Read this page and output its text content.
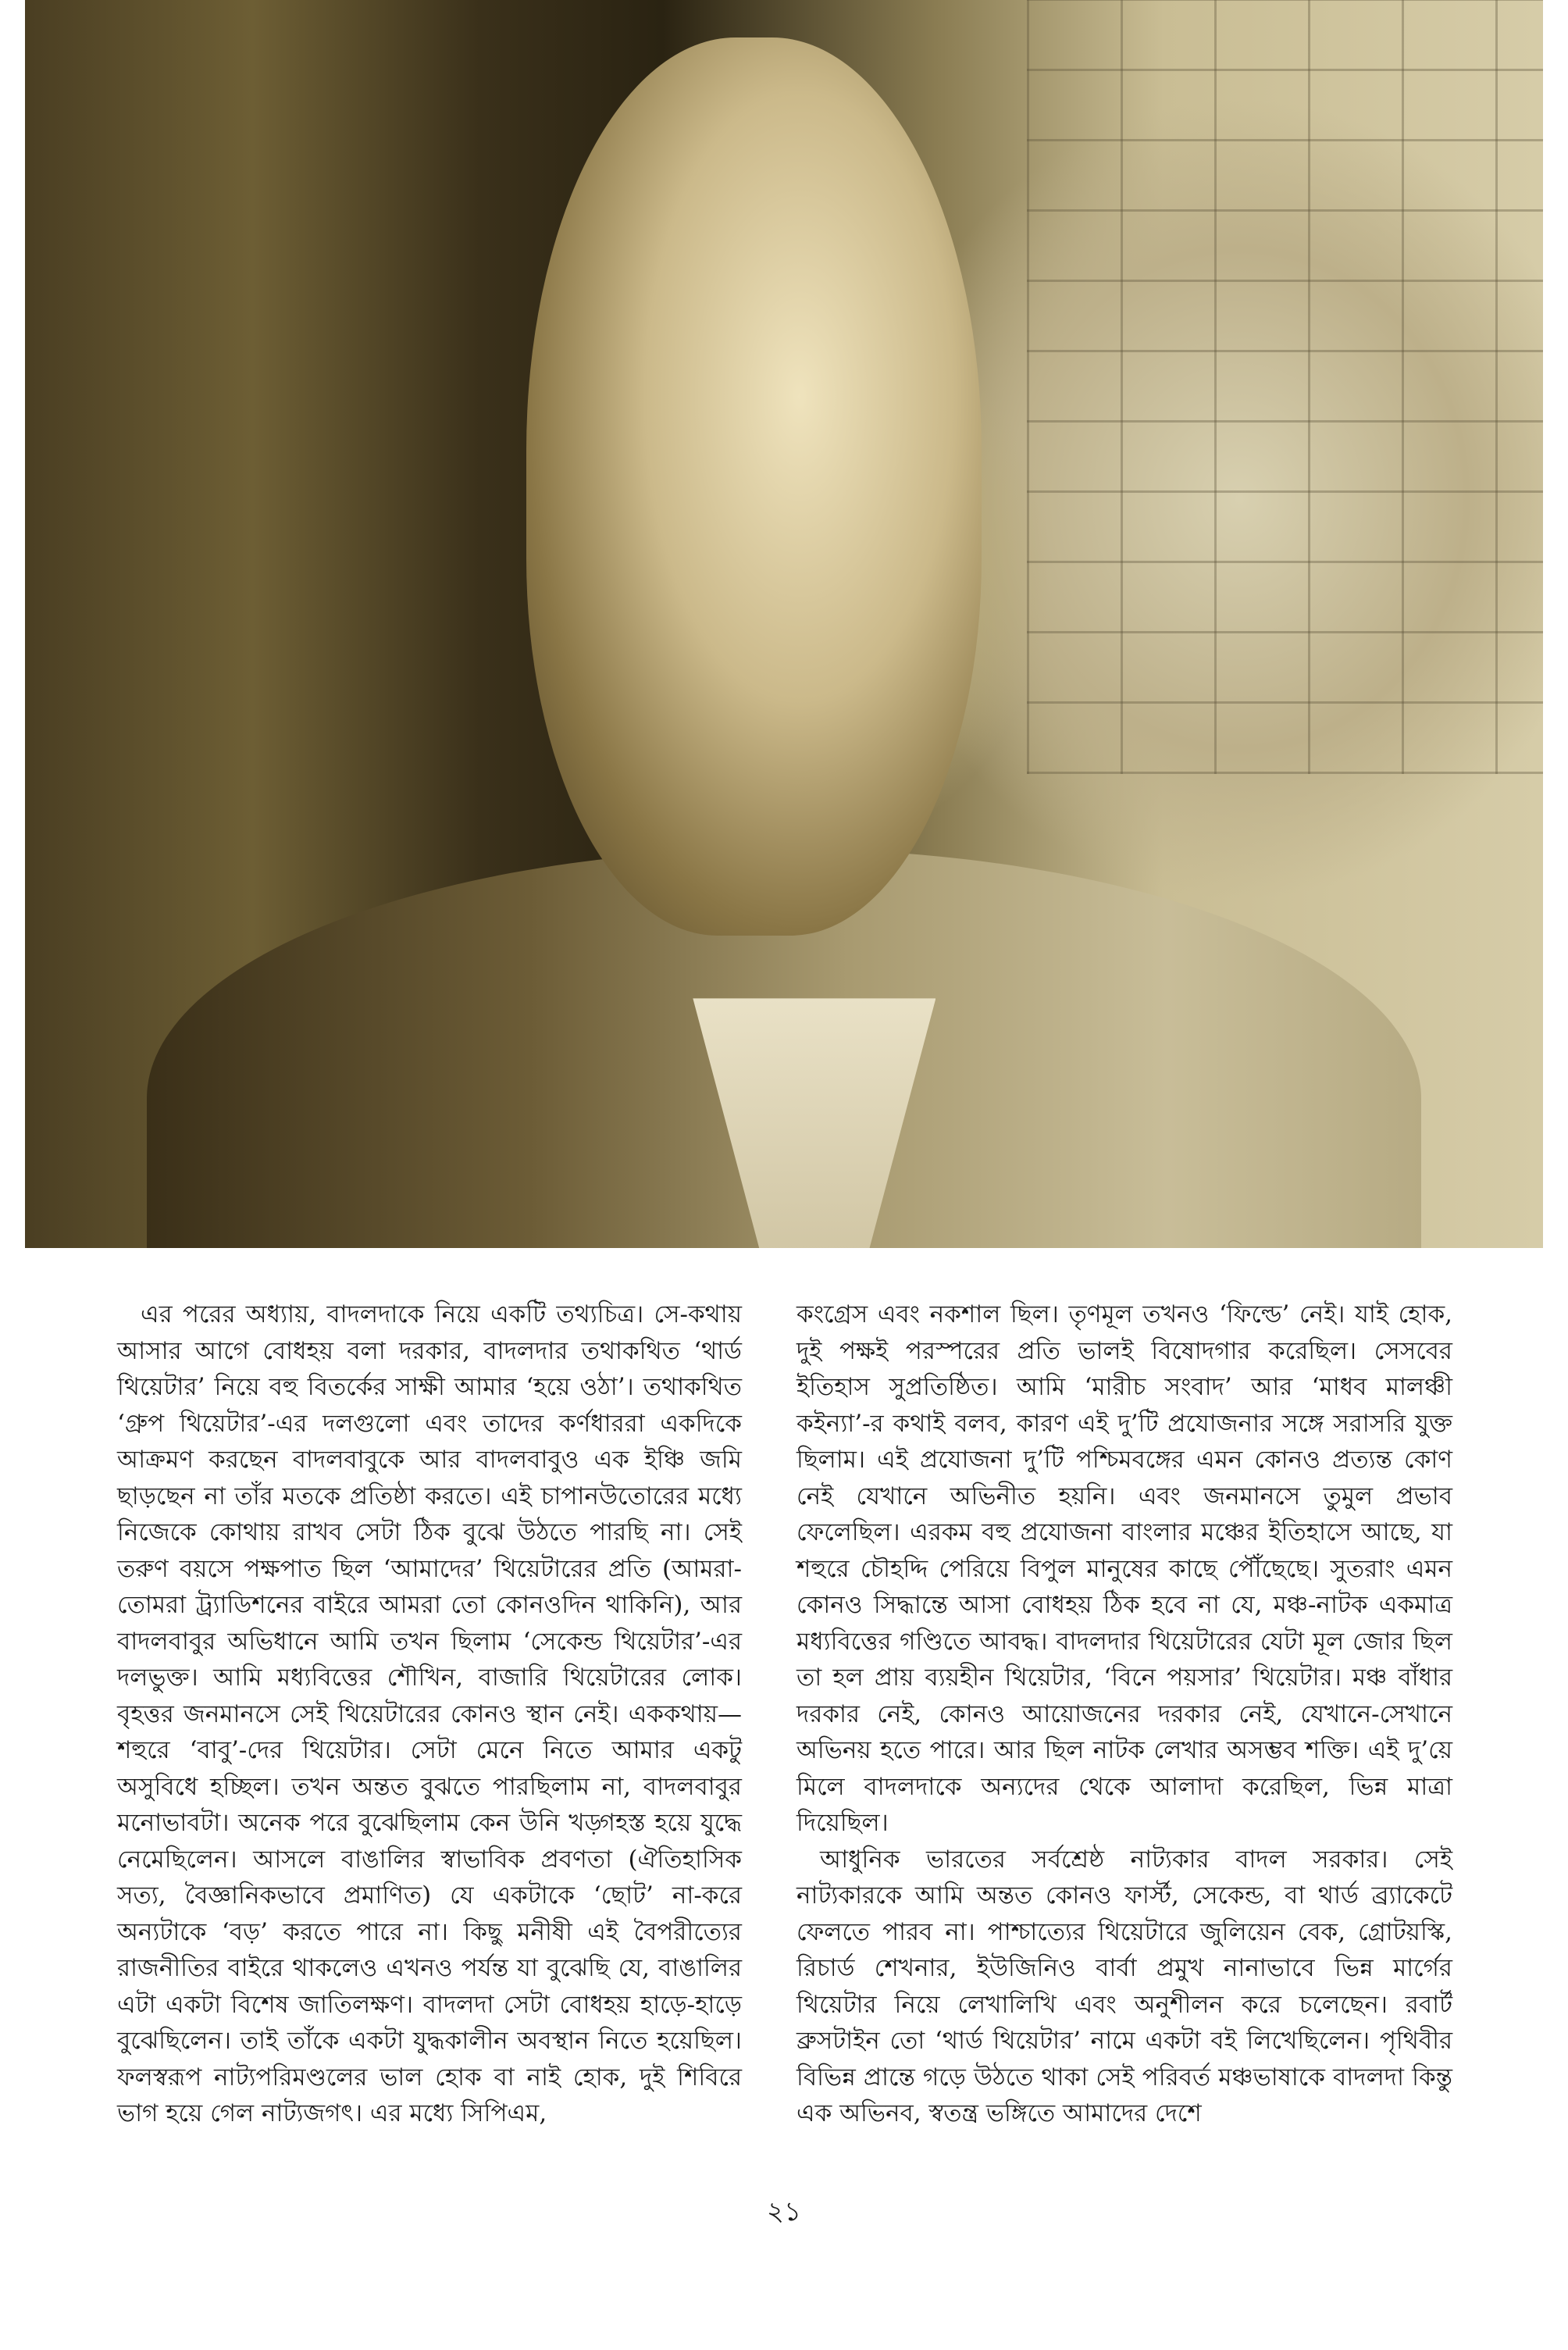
এর পরের অধ্যায়, বাদলদাকে নিয়ে একটি তথ্যচিত্র। সে-কথায় আসার আগে বোধহয় বলা দরকার, বাদলদার তথাকথিত ‘থার্ড থিয়েটার’ নিয়ে বহু বিতর্কের সাক্ষী আমার ‘হয়ে ওঠা’। তথাকথিত ‘গ্রুপ থিয়েটার’-এর দলগুলো এবং তাদের কর্ণধাররা একদিকে আক্রমণ করছেন বাদলবাবুকে আর বাদলবাবুও এক ইঞ্চি জমি ছাড়ছেন না তাঁর মতকে প্রতিষ্ঠা করতে। এই চাপানউতোরের মধ্যে নিজেকে কোথায় রাখব সেটা ঠিক বুঝে উঠতে পারছি না। সেই তরুণ বয়সে পক্ষপাত ছিল ‘আমাদের’ থিয়েটারের প্রতি (আমরা-তোমরা ট্র্যাডিশনের বাইরে আমরা তো কোনওদিন থাকিনি), আর বাদলবাবুর অভিধানে আমি তখন ছিলাম ‘সেকেন্ড থিয়েটার’-এর দলভুক্ত। আমি মধ্যবিত্তের শৌখিন, বাজারি থিয়েটারের লোক। বৃহত্তর জনমানসে সেই থিয়েটারের কোনও স্থান নেই। এককথায়—শহুরে ‘বাবু’-দের থিয়েটার। সেটা মেনে নিতে আমার একটু অসুবিধে হচ্ছিল। তখন অন্তত বুঝতে পারছিলাম না, বাদলবাবুর মনোভাবটা। অনেক পরে বুঝেছিলাম কেন উনি খড়্গহস্ত হয়ে যুদ্ধে নেমেছিলেন। আসলে বাঙালির স্বাভাবিক প্রবণতা (ঐতিহাসিক সত্য, বৈজ্ঞানিকভাবে প্রমাণিত) যে একটাকে ‘ছোট’ না-করে অন্যটাকে ‘বড়’ করতে পারে না। কিছু মনীষী এই বৈপরীত্যের রাজনীতির বাইরে থাকলেও এখনও পর্যন্ত যা বুঝেছি যে, বাঙালির এটা একটা বিশেষ জাতিলক্ষণ। বাদলদা সেটা বোধহয় হাড়ে-হাড়ে বুঝেছিলেন। তাই তাঁকে একটা যুদ্ধকালীন অবস্থান নিতে হয়েছিল। ফলস্বরূপ নাট্যপরিমণ্ডলের ভাল হোক বা নাই হোক, দুই শিবিরে ভাগ হয়ে গেল নাট্যজগৎ। এর মধ্যে সিপিএম,

কংগ্রেস এবং নকশাল ছিল। তৃণমূল তখনও ‘ফিল্ডে’ নেই। যাই হোক, দুই পক্ষই পরস্পরের প্রতি ভালই বিষোদগার করেছিল। সেসবের ইতিহাস সুপ্রতিষ্ঠিত। আমি ‘মারীচ সংবাদ’ আর ‘মাধব মালঞ্চী কইন্যা’-র কথাই বলব, কারণ এই দু’টি প্রযোজনার সঙ্গে সরাসরি যুক্ত ছিলাম। এই প্রযোজনা দু’টি পশ্চিমবঙ্গের এমন কোনও প্রত্যন্ত কোণ নেই যেখানে অভিনীত হয়নি। এবং জনমানসে তুমুল প্রভাব ফেলেছিল। এরকম বহু প্রযোজনা বাংলার মঞ্চের ইতিহাসে আছে, যা শহুরে চৌহদ্দি পেরিয়ে বিপুল মানুষের কাছে পৌঁছেছে। সুতরাং এমন কোনও সিদ্ধান্তে আসা বোধহয় ঠিক হবে না যে, মঞ্চ-নাটক একমাত্র মধ্যবিত্তের গণ্ডিতে আবদ্ধ। বাদলদার থিয়েটারের যেটা মূল জোর ছিল তা হল প্রায় ব্যয়হীন থিয়েটার, ‘বিনে পয়সার’ থিয়েটার। মঞ্চ বাঁধার দরকার নেই, কোনও আয়োজনের দরকার নেই, যেখানে-সেখানে অভিনয় হতে পারে। আর ছিল নাটক লেখার অসম্ভব শক্তি। এই দু’য়ে মিলে বাদলদাকে অন্যদের থেকে আলাদা করেছিল, ভিন্ন মাত্রা দিয়েছিল।

আধুনিক ভারতের সর্বশ্রেষ্ঠ নাট্যকার বাদল সরকার। সেই নাট্যকারকে আমি অন্তত কোনও ফার্স্ট, সেকেন্ড, বা থার্ড ব্র্যাকেটে ফেলতে পারব না। পাশ্চাত্যের থিয়েটারে জুলিয়েন বেক, গ্রোটয়স্কি, রিচার্ড শেখনার, ইউজিনিও বার্বা প্রমুখ নানাভাবে ভিন্ন মার্গের থিয়েটার নিয়ে লেখালিখি এবং অনুশীলন করে চলেছেন। রবার্ট ব্রুসটাইন তো ‘থার্ড থিয়েটার’ নামে একটা বই লিখেছিলেন। পৃথিবীর বিভিন্ন প্রান্তে গড়ে উঠতে থাকা সেই পরিবর্ত মঞ্চভাষাকে বাদলদা কিন্তু এক অভিনব, স্বতন্ত্র ভঙ্গিতে আমাদের দেশে

২১
